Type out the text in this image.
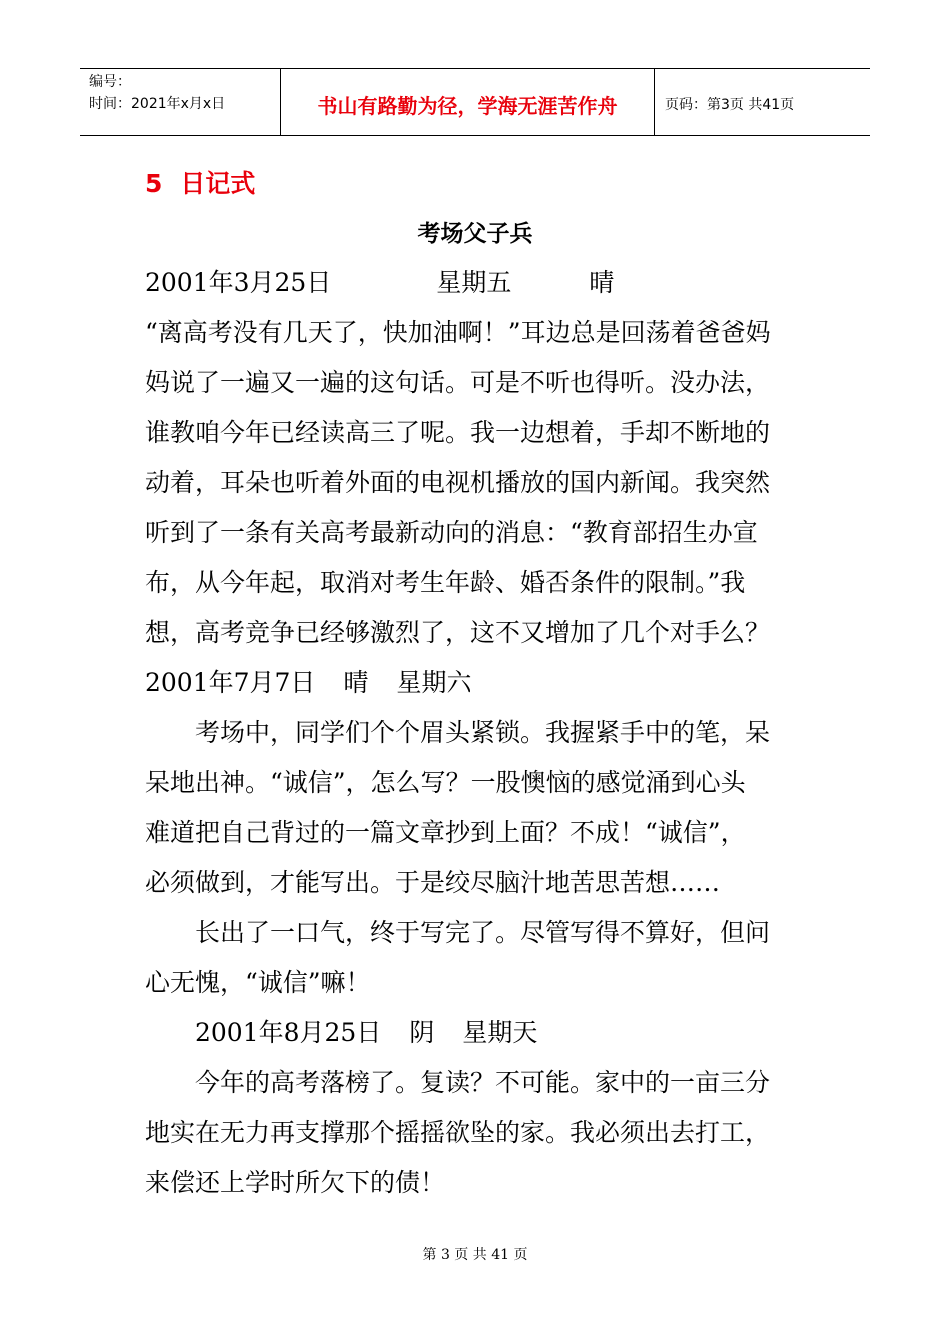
编号：
时间：2021年x月x日	书山有路勤为径，学海无涯苦作舟	页码：第3页 共41页
5 日记式
考场父子兵
2001年3月25日	星期五	晴
“离高考没有几天了，快加油啊！”耳边总是回荡着爸爸妈
妈说了一遍又一遍的这句话。可是不听也得听。没办法，
谁教咱今年已经读高三了呢。我一边想着，手却不断地的
动着，耳朵也听着外面的电视机播放的国内新闻。我突然
听到了一条有关高考最新动向的消息：“教育部招生办宣
布，从今年起，取消对考生年龄、婚否条件的限制。”我
想，高考竞争已经够激烈了，这不又增加了几个对手么？
2001年7月7日 晴 星期六
考场中，同学们个个眉头紧锁。我握紧手中的笔，呆
呆地出神。“诚信”，怎么写？一股懊恼的感觉涌到心头
难道把自己背过的一篇文章抄到上面？不成！“诚信”，
必须做到，才能写出。于是绞尽脑汁地苦思苦想……
长出了一口气，终于写完了。尽管写得不算好，但问
心无愧，“诚信”嘛！
2001年8月25日 阴 星期天
今年的高考落榜了。复读？不可能。家中的一亩三分
地实在无力再支撑那个摇摇欲坠的家。我必须出去打工，
来偿还上学时所欠下的债！
第 3 页 共 41 页
